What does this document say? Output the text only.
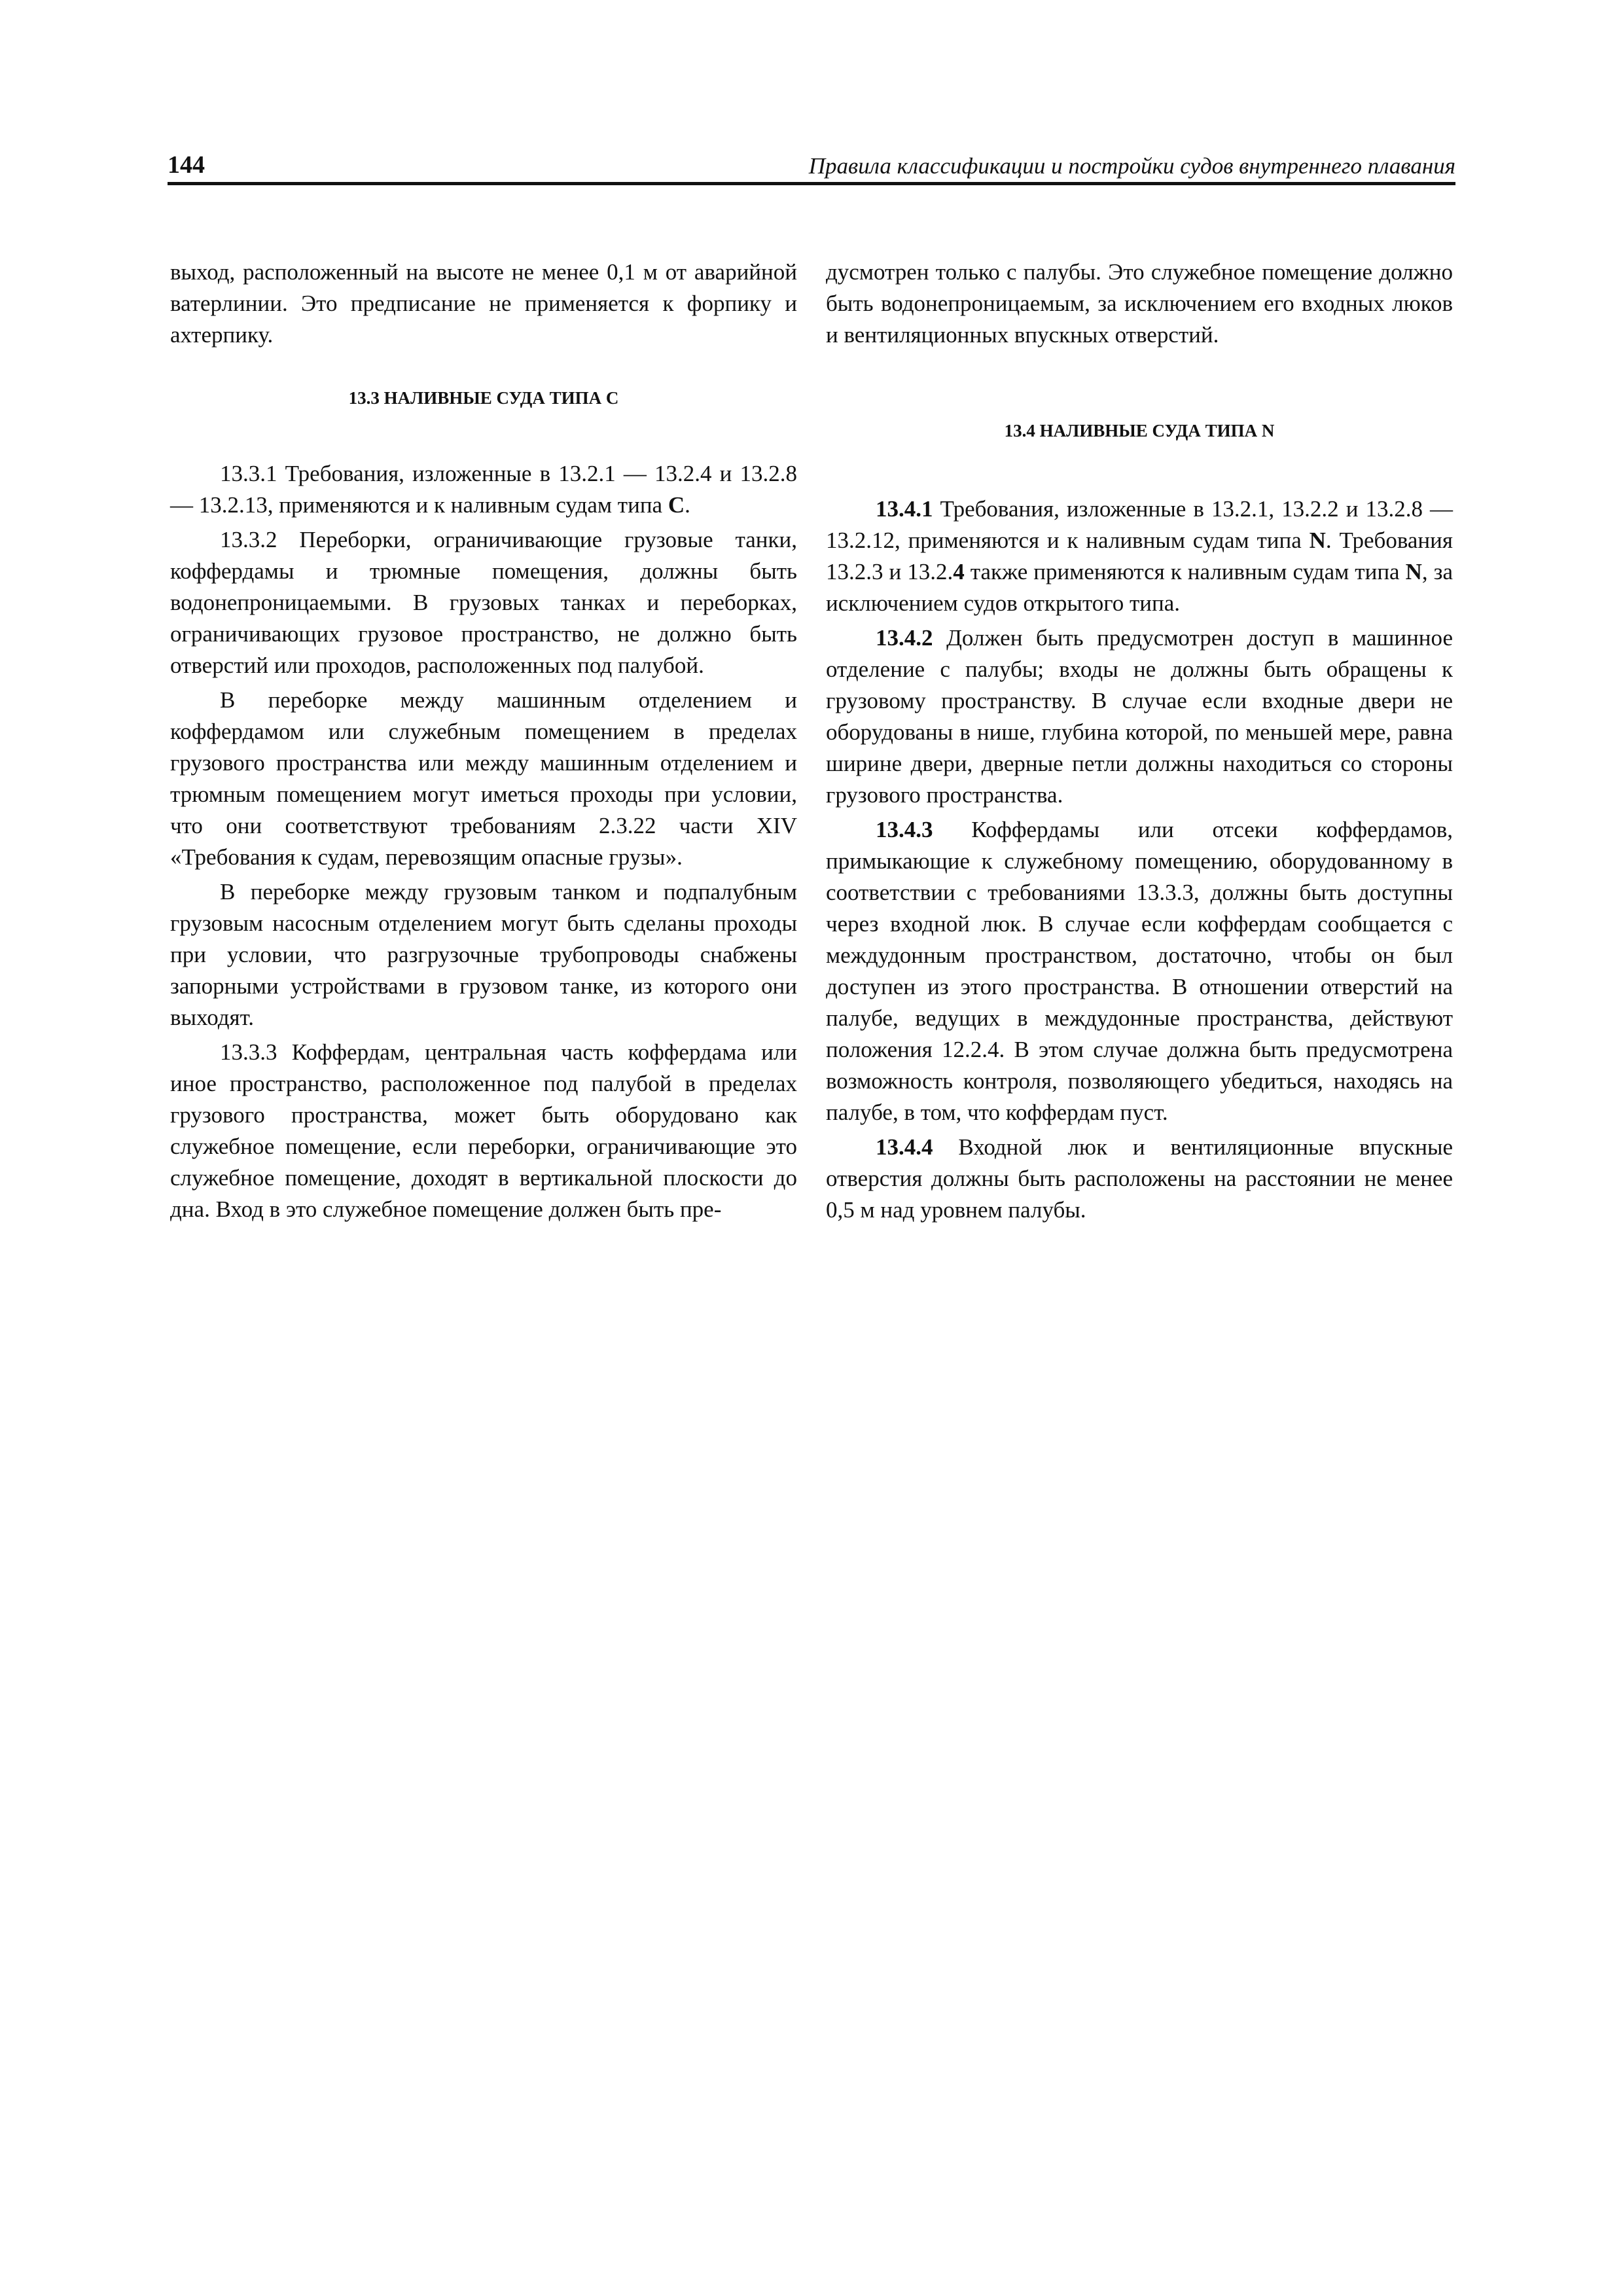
144	Правила классификации и постройки судов внутреннего плавания

выход, расположенный на высоте не менее 0,1 м от аварийной ватерлинии. Это предписание не применяется к форпику и ахтерпику.

13.3 НАЛИВНЫЕ СУДА ТИПА С

13.3.1 Требования, изложенные в 13.2.1 — 13.2.4 и 13.2.8 — 13.2.13, применяются и к наливным судам типа С.

13.3.2 Переборки, ограничивающие грузовые танки, коффердамы и трюмные помещения, должны быть водонепроницаемыми. В грузовых танках и переборках, ограничивающих грузовое пространство, не должно быть отверстий или проходов, расположенных под палубой.

В переборке между машинным отделением и коффердамом или служебным помещением в пределах грузового пространства или между машинным отделением и трюмным помещением могут иметься проходы при условии, что они соответствуют требованиям 2.3.22 части XIV «Требования к судам, перевозящим опасные грузы».

В переборке между грузовым танком и подпалубным грузовым насосным отделением могут быть сделаны проходы при условии, что разгрузочные трубопроводы снабжены запорными устройствами в грузовом танке, из которого они выходят.

13.3.3 Коффердам, центральная часть коффердама или иное пространство, расположенное под палубой в пределах грузового пространства, может быть оборудовано как служебное помещение, если переборки, ограничивающие это служебное помещение, доходят в вертикальной плоскости до дна. Вход в это служебное помещение должен быть пре-

дусмотрен только с палубы. Это служебное помещение должно быть водонепроницаемым, за исключением его входных люков и вентиляционных впускных отверстий.

13.4 НАЛИВНЫЕ СУДА ТИПА N

13.4.1 Требования, изложенные в 13.2.1, 13.2.2 и 13.2.8 — 13.2.12, применяются и к наливным судам типа N. Требования 13.2.3 и 13.2.4 также применяются к наливным судам типа N, за исключением судов открытого типа.

13.4.2 Должен быть предусмотрен доступ в машинное отделение с палубы; входы не должны быть обращены к грузовому пространству. В случае если входные двери не оборудованы в нише, глубина которой, по меньшей мере, равна ширине двери, дверные петли должны находиться со стороны грузового пространства.

13.4.3 Коффердамы или отсеки коффердамов, примыкающие к служебному помещению, оборудованному в соответствии с требованиями 13.3.3, должны быть доступны через входной люк. В случае если коффердам сообщается с междудонным пространством, достаточно, чтобы он был доступен из этого пространства. В отношении отверстий на палубе, ведущих в междудонные пространства, действуют положения 12.2.4. В этом случае должна быть предусмотрена возможность контроля, позволяющего убедиться, находясь на палубе, в том, что коффердам пуст.

13.4.4 Входной люк и вентиляционные впускные отверстия должны быть расположены на расстоянии не менее 0,5 м над уровнем палубы.
